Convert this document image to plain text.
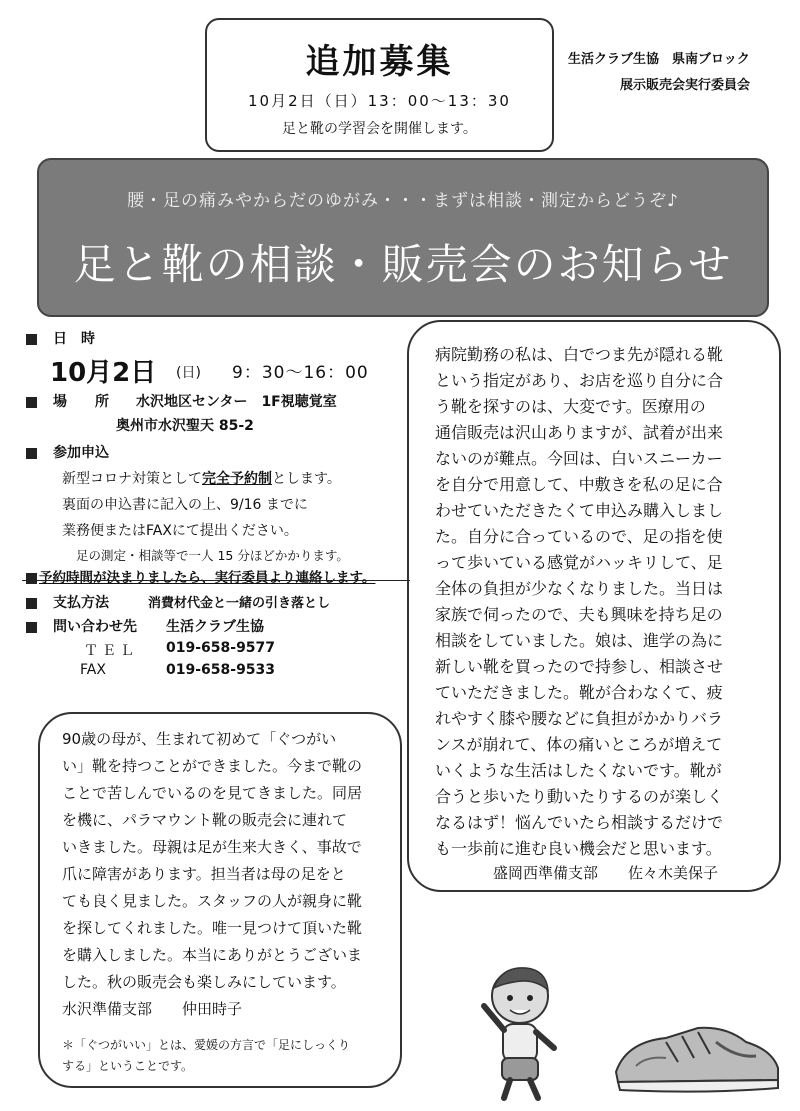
追加募集
10月2日（日）13：00〜13：30
足と靴の学習会を開催します。
生活クラブ生協　県南ブロック
展示販売会実行委員会
腰・足の痛みやからだのゆがみ・・・まずは相談・測定からどうぞ♪
足と靴の相談・販売会のお知らせ
日　時
10月2日 (日) 9：30〜16：00
場　　所 水沢地区センター　1F視聴覚室
奥州市水沢聖天 85-2
参加申込
新型コロナ対策として完全予約制とします。
裏面の申込書に記入の上、9/16 までに
業務便またはFAXにて提出ください。
足の測定・相談等で一人 15 分ほどかかります。
予約時間が決まりましたら、実行委員より連絡します。
支払方法	消費材代金と一緒の引き落とし
問い合わせ先 生活クラブ生協
ＴＥＬ 019-658-9577
FAX	019-658-9533

90歳の母が、生まれて初めて「ぐつがい

い」靴を持つことができました。今まで靴の

ことで苦しんでいるのを見てきました。同居

を機に、パラマウント靴の販売会に連れて

いきました。母親は足が生来大きく、事故で

爪に障害があります。担当者は母の足をと

ても良く見ました。スタッフの人が親身に靴

を探してくれました。唯一見つけて頂いた靴

を購入しました。本当にありがとうございま

した。秋の販売会も楽しみにしています。

水沢準備支部　　仲田時子

＊「ぐつがいい」とは、愛媛の方言で「足にしっくり

する」ということです。

病院勤務の私は、白でつま先が隠れる靴

という指定があり、お店を巡り自分に合

う靴を探すのは、大変です。医療用の

通信販売は沢山ありますが、試着が出来

ないのが難点。今回は、白いスニーカー

を自分で用意して、中敷きを私の足に合

わせていただきたくて申込み購入しまし

た。自分に合っているので、足の指を使

って歩いている感覚がハッキリして、足

全体の負担が少なくなりました。当日は

家族で伺ったので、夫も興味を持ち足の

相談をしていました。娘は、進学の為に

新しい靴を買ったので持参し、相談させ

ていただきました。靴が合わなくて、疲

れやすく膝や腰などに負担がかかりバラ

ンスが崩れて、体の痛いところが増えて

いくような生活はしたくないです。靴が

合うと歩いたり動いたりするのが楽しく

なるはず！悩んでいたら相談するだけで

も一歩前に進む良い機会だと思います。

盛岡西準備支部　　佐々木美保子
